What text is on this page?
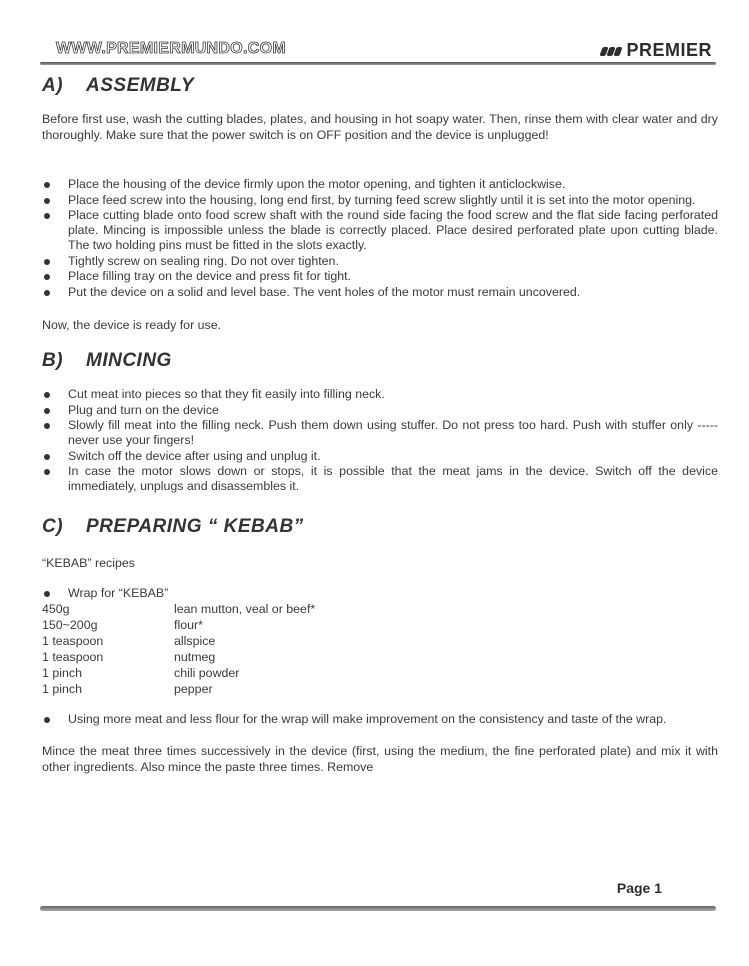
WWW.PREMIERMUNDO.COM	PREMIER
A) ASSEMBLY
Before first use, wash the cutting blades, plates, and housing in hot soapy water. Then, rinse them with clear water and dry thoroughly. Make sure that the power switch is on OFF position and the device is unplugged!
Place the housing of the device firmly upon the motor opening, and tighten it anticlockwise.
Place feed screw into the housing, long end first, by turning feed screw slightly until it is set into the motor opening.
Place cutting blade onto food screw shaft with the round side facing the food screw and the flat side facing perforated plate. Mincing is impossible unless the blade is correctly placed. Place desired perforated plate upon cutting blade. The two holding pins must be fitted in the slots exactly.
Tightly screw on sealing ring. Do not over tighten.
Place filling tray on the device and press fit for tight.
Put the device on a solid and level base. The vent holes of the motor must remain uncovered.
Now, the device is ready for use.
B) MINCING
Cut meat into pieces so that they fit easily into filling neck.
Plug and turn on the device
Slowly fill meat into the filling neck. Push them down using stuffer. Do not press too hard. Push with stuffer only -----never use your fingers!
Switch off the device after using and unplug it.
In case the motor slows down or stops, it is possible that the meat jams in the device. Switch off the device immediately, unplugs and disassembles it.
C) PREPARING “ KEBAB”
“KEBAB” recipes
Wrap for “KEBAB”
450g	lean mutton, veal or beef*
150~200g	flour*
1 teaspoon	allspice
1 teaspoon	nutmeg
1 pinch	chili powder
1 pinch	pepper
Using more meat and less flour for the wrap will make improvement on the consistency and taste of the wrap.
Mince the meat three times successively in the device (first, using the medium, the fine perforated plate) and mix it with other ingredients. Also mince the paste three times. Remove
Page 1
